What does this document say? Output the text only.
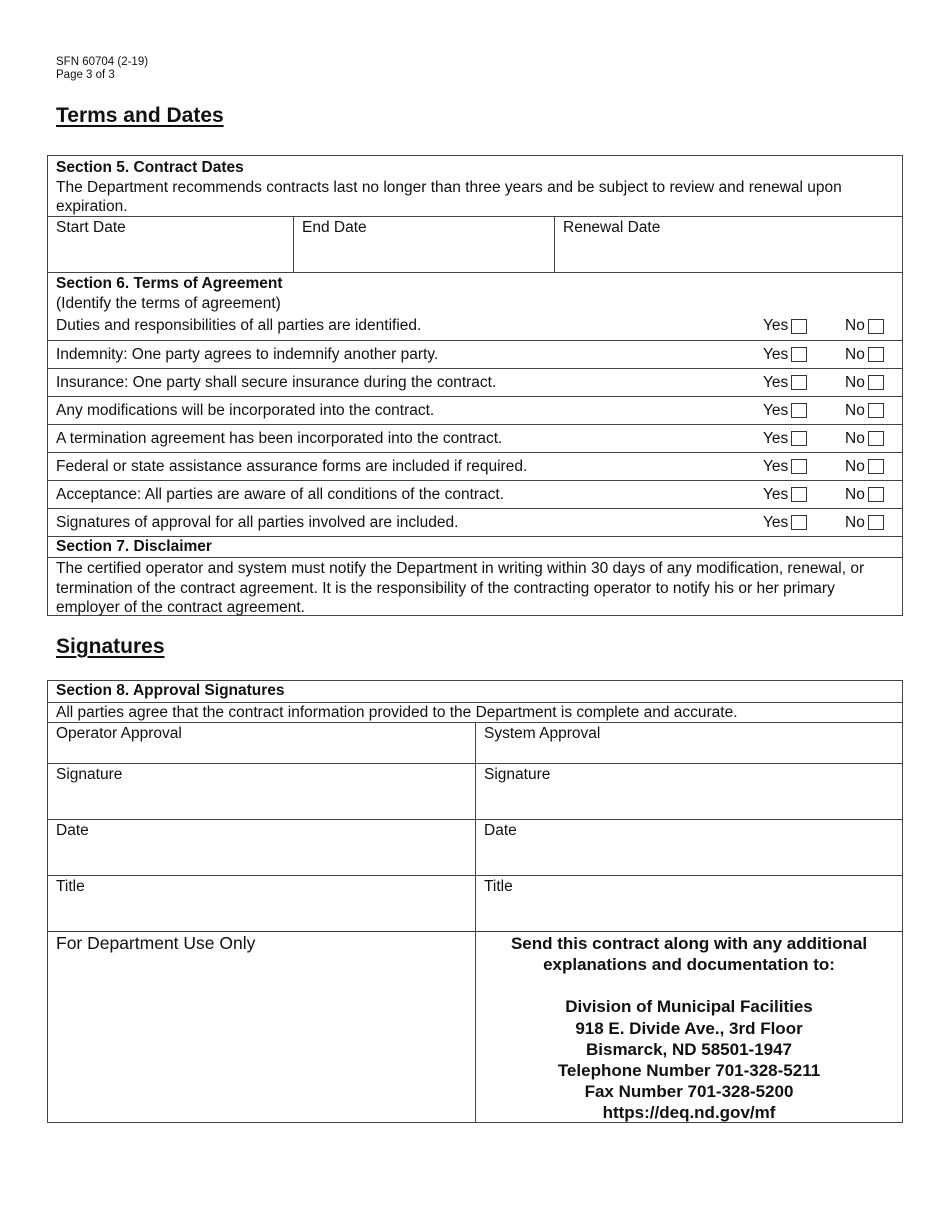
SFN 60704 (2-19)
Page 3 of 3
Terms and Dates
Section 5. Contract Dates
The Department recommends contracts last no longer than three years and be subject to review and renewal upon expiration.
Start Date	End Date	Renewal Date
Section 6. Terms of Agreement
(Identify the terms of agreement)
Duties and responsibilities of all parties are identified.	Yes	No
Indemnity: One party agrees to indemnify another party.	Yes	No
Insurance: One party shall secure insurance during the contract.	Yes	No
Any modifications will be incorporated into the contract.	Yes	No
A termination agreement has been incorporated into the contract.	Yes	No
Federal or state assistance assurance forms are included if required.	Yes	No
Acceptance: All parties are aware of all conditions of the contract.	Yes	No
Signatures of approval for all parties involved are included.	Yes	No
Section 7. Disclaimer
The certified operator and system must notify the Department in writing within 30 days of any modification, renewal, or termination of the contract agreement. It is the responsibility of the contracting operator to notify his or her primary employer of the contract agreement.
Signatures
Section 8. Approval Signatures
All parties agree that the contract information provided to the Department is complete and accurate.
Operator Approval	System Approval
Signature	Signature
Date	Date
Title	Title
For Department Use Only	Send this contract along with any additional
explanations and documentation to:
Division of Municipal Facilities
918 E. Divide Ave., 3rd Floor
Bismarck, ND 58501-1947
Telephone Number 701-328-5211
Fax Number 701-328-5200
https://deq.nd.gov/mf
